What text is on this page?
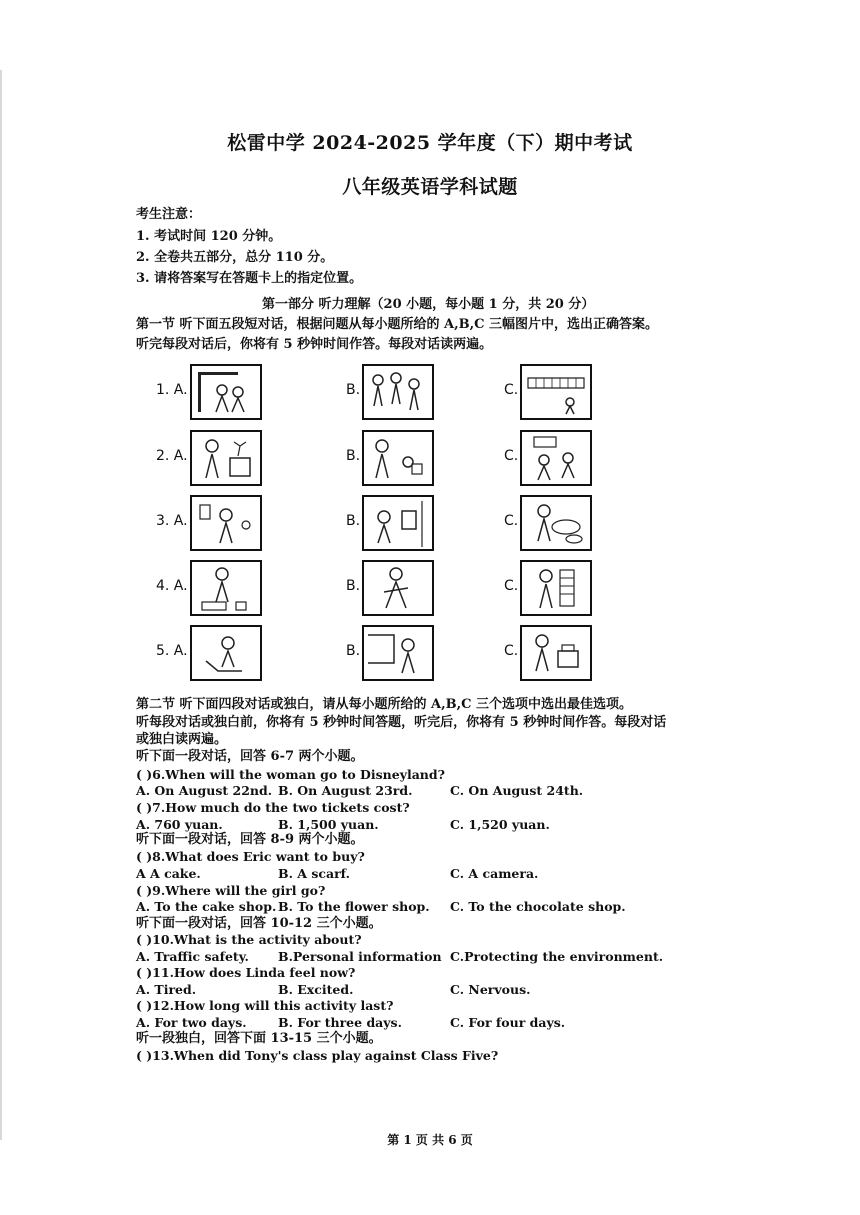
松雷中学 2024-2025 学年度（下）期中考试
八年级英语学科试题
考生注意：
1. 考试时间 120 分钟。
2. 全卷共五部分，总分 110 分。
3. 请将答案写在答题卡上的指定位置。
第一部分 听力理解（20 小题，每小题 1 分，共 20 分）
第一节 听下面五段短对话，根据问题从每小题所给的 A,B,C 三幅图片中，选出正确答案。
听完每段对话后，你将有 5 秒钟时间作答。每段对话读两遍。
1. A.	B.	C.
2. A.	B.	C.
3. A.	B.	C.
4. A.	B.	C.
5. A.	B.	C.
第二节 听下面四段对话或独白，请从每小题所给的 A,B,C 三个选项中选出最佳选项。
听每段对话或独白前，你将有 5 秒钟时间答题，听完后，你将有 5 秒钟时间作答。每段对话
或独白读两遍。
听下面一段对话，回答 6-7 两个小题。
( )6.When will the woman go to Disneyland?
A. On August 22nd. B. On August 23rd.	C. On August 24th.
( )7.How much do the two tickets cost?
A. 760 yuan.	B. 1,500 yuan.	C. 1,520 yuan.
听下面一段对话，回答 8-9 两个小题。
( )8.What does Eric want to buy?
A A cake.	B. A scarf.	C. A camera.
( )9.Where will the girl go?
A. To the cake shop. B. To the flower shop. C. To the chocolate shop.
听下面一段对话，回答 10-12 三个小题。
( )10.What is the activity about?
A. Traffic safety. B.Personal information C.Protecting the environment.
( )11.How does Linda feel now?
A. Tired.	B. Excited.	C. Nervous.
( )12.How long will this activity last?
A. For two days.	B. For three days.	C. For four days.
听一段独白，回答下面 13-15 三个小题。
( )13.When did Tony's class play against Class Five?
第 1 页 共 6 页
